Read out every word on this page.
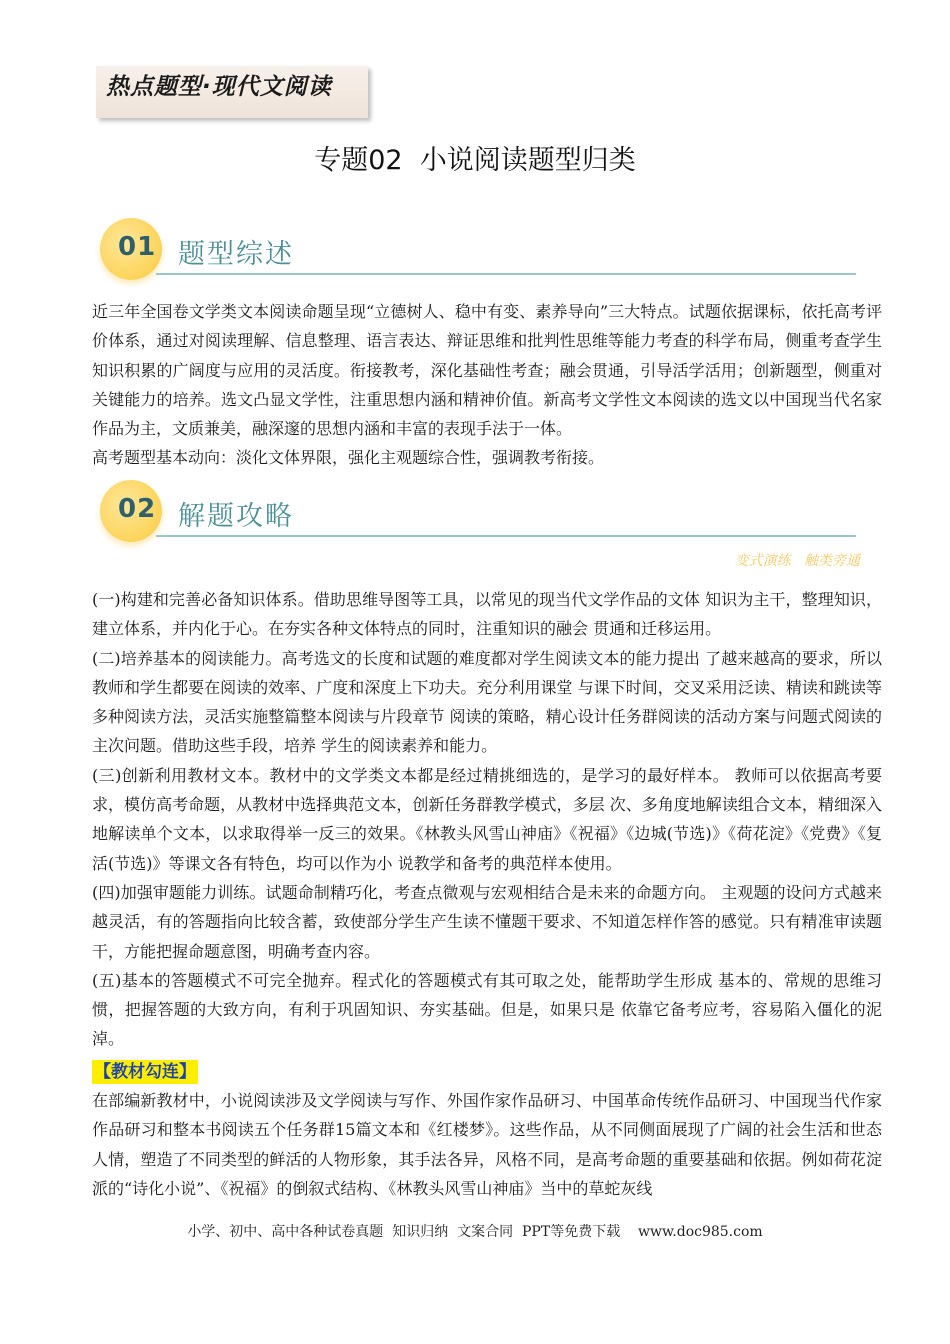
热点题型·现代文阅读
专题02  小说阅读题型归类
01 题型综述

近三年全国卷文学类文本阅读命题呈现“立德树人、稳中有变、素养导向”三大特点。试题依据课标，依托高考评价体系，通过对阅读理解、信息整理、语言表达、辩证思维和批判性思维等能力考查的科学布局，侧重考查学生知识积累的广阔度与应用的灵活度。衔接教考，深化基础性考查；融会贯通，引导活学活用；创新题型，侧重对关键能力的培养。选文凸显文学性，注重思想内涵和精神价值。新高考文学性文本阅读的选文以中国现当代名家作品为主，文质兼美，融深邃的思想内涵和丰富的表现手法于一体。

高考题型基本动向：淡化文体界限，强化主观题综合性，强调教考衔接。

02 解题攻略
变式演练   触类旁通

(一)构建和完善必备知识体系。借助思维导图等工具，以常见的现当代文学作品的文体 知识为主干，整理知识，建立体系，并内化于心。在夯实各种文体特点的同时，注重知识的融会 贯通和迁移运用。

(二)培养基本的阅读能力。高考选文的长度和试题的难度都对学生阅读文本的能力提出 了越来越高的要求，所以教师和学生都要在阅读的效率、广度和深度上下功夫。充分利用课堂 与课下时间，交叉采用泛读、精读和跳读等多种阅读方法，灵活实施整篇整本阅读与片段章节 阅读的策略，精心设计任务群阅读的活动方案与问题式阅读的主次问题。借助这些手段，培养 学生的阅读素养和能力。

(三)创新利用教材文本。教材中的文学类文本都是经过精挑细选的，是学习的最好样本。 教师可以依据高考要求，模仿高考命题，从教材中选择典范文本，创新任务群教学模式，多层 次、多角度地解读组合文本，精细深入地解读单个文本，以求取得举一反三的效果。《林教头风雪山神庙》《祝福》《边城(节选)》《荷花淀》《党费》《复活(节选)》等课文各有特色，均可以作为小 说教学和备考的典范样本使用。

(四)加强审题能力训练。试题命制精巧化，考查点微观与宏观相结合是未来的命题方向。 主观题的设问方式越来越灵活，有的答题指向比较含蓄，致使部分学生产生读不懂题干要求、不知道怎样作答的感觉。只有精准审读题干，方能把握命题意图，明确考查内容。

(五)基本的答题模式不可完全抛弃。程式化的答题模式有其可取之处，能帮助学生形成 基本的、常规的思维习惯，把握答题的大致方向，有利于巩固知识、夯实基础。但是，如果只是 依靠它备考应考，容易陷入僵化的泥淖。

【教材勾连】

在部编新教材中，小说阅读涉及文学阅读与写作、外国作家作品研习、中国革命传统作品研习、中国现当代作家作品研习和整本书阅读五个任务群15篇文本和《红楼梦》。这些作品，从不同侧面展现了广阔的社会生活和世态人情，塑造了不同类型的鲜活的人物形象，其手法各异，风格不同，是高考命题的重要基础和依据。例如荷花淀派的“诗化小说”、《祝福》的倒叙式结构、《林教头风雪山神庙》当中的草蛇灰线

小学、初中、高中各种试卷真题  知识归纳  文案合同  PPT等免费下载    www.doc985.com
